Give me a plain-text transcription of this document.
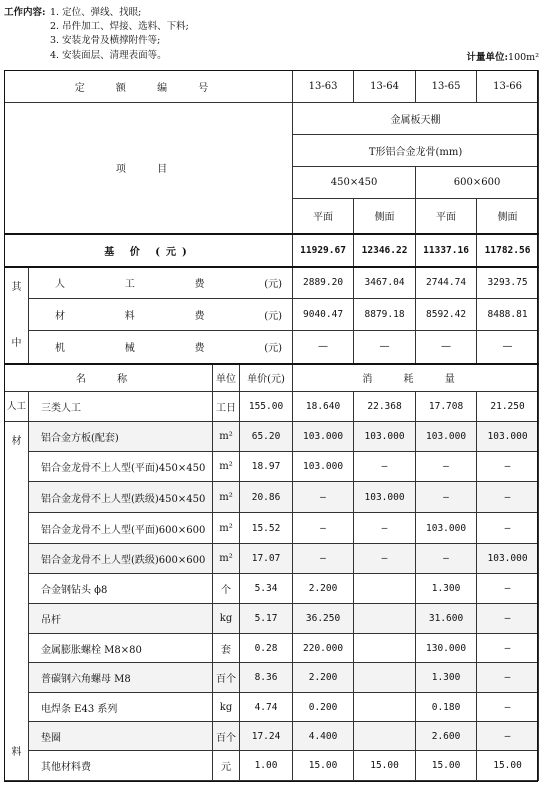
工作内容: 1. 定位、弹线、找眼;
2. 吊件加工、焊接、选料、下料;
3. 安装龙骨及横撑附件等;
4. 安装面层、清理表面等。	计量单位:100m²
定 额 编 号				13-63	13-64	13-65	13-66
项 目				金属板天棚			
				T形铝合金龙骨(mm)			
				450×450		600×600	
				平面	侧面	平面	侧面
基 价 (元)				11929.67	12346.22	11337.16	11782.56
其
中	人 工 费 (元)			2889.20	3467.04	2744.74	3293.75

	材 料 费 (元)			9040.47	8879.18	8592.42	8488.81

	机 械 费 (元)			—	—	—	—
名 称		单位	单价(元)	消 耗 量			
人工	三类人工	工日	155.00	18.640	22.368	17.708	21.250
材
料	铝合金方板(配套)	m²	65.20	103.000	103.000	103.000	103.000
	铝合金龙骨不上人型(平面)450×450	m²	18.97	103.000	—	—	—
	铝合金龙骨不上人型(跌级)450×450	m²	20.86	—	103.000	—	—
	铝合金龙骨不上人型(平面)600×600	m²	15.52	—	—	103.000	—
	铝合金龙骨不上人型(跌级)600×600	m²	17.07	—	—	—	103.000
	合金钢钻头 ϕ8	个	5.34	2.200		1.300	—
	吊杆	kg	5.17	36.250		31.600	—
	金属膨胀螺栓 M8×80	套	0.28	220.000		130.000	—
	普碳钢六角螺母 M8	百个	8.36	2.200		1.300	—
	电焊条 E43 系列	kg	4.74	0.200		0.180	—
	垫圈	百个	17.24	4.400		2.600	—
	其他材料费	元	1.00	15.00	15.00	15.00	15.00
